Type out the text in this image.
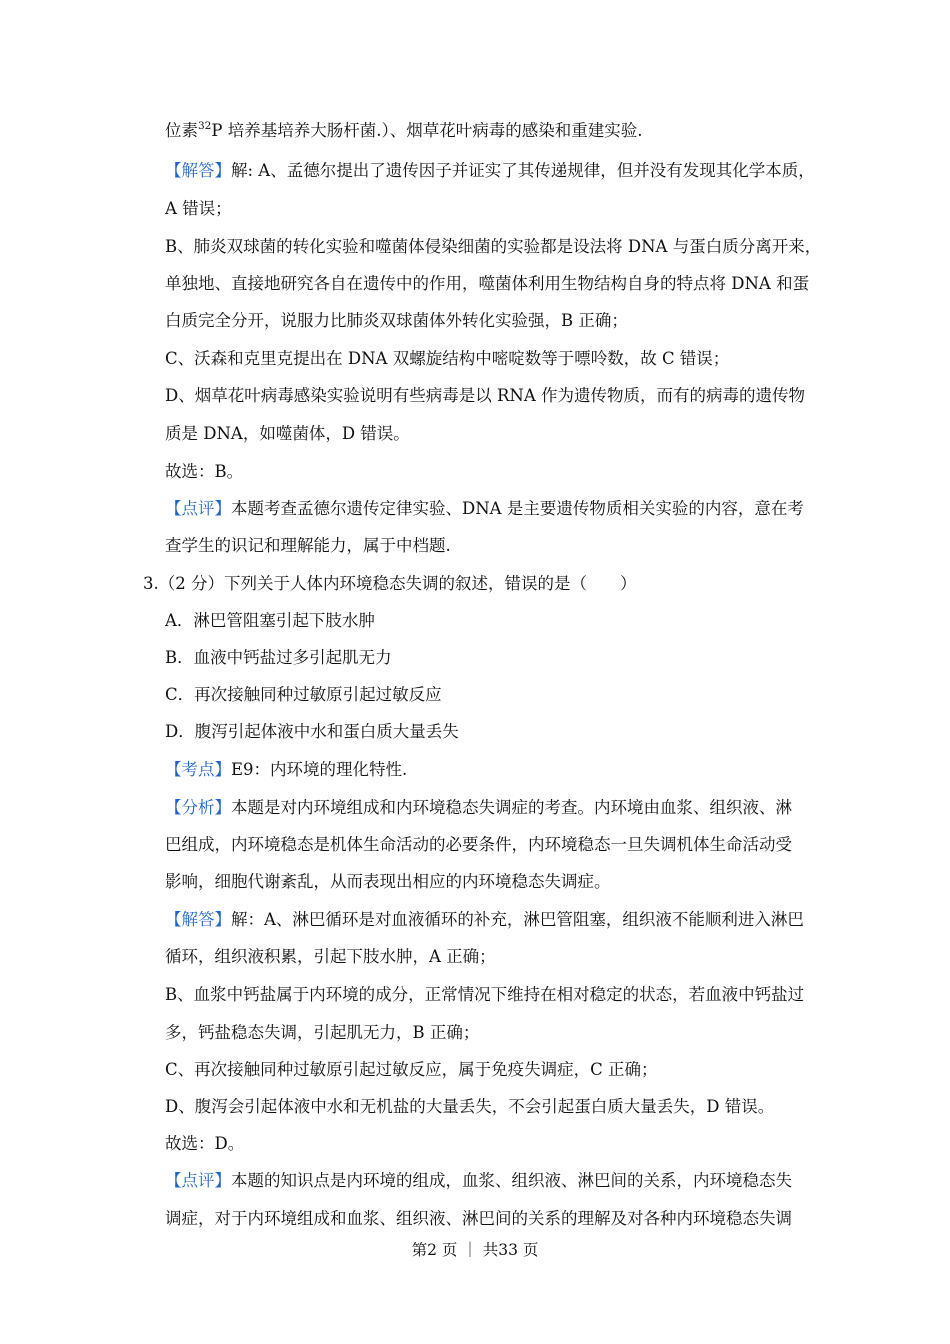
位素$^{32}$P 培养基培养大肠杆菌.）、烟草花叶病毒的感染和重建实验.
【解答】解: A、孟德尔提出了遗传因子并证实了其传递规律，但并没有发现其化学本质，
A 错误；
B、肺炎双球菌的转化实验和噬菌体侵染细菌的实验都是设法将 DNA 与蛋白质分离开来，
单独地、直接地研究各自在遗传中的作用，噬菌体利用生物结构自身的特点将 DNA 和蛋
白质完全分开，说服力比肺炎双球菌体外转化实验强，B 正确；
C、沃森和克里克提出在 DNA 双螺旋结构中嘧啶数等于嘌呤数，故 C 错误；
D、烟草花叶病毒感染实验说明有些病毒是以 RNA 作为遗传物质，而有的病毒的遗传物
质是 DNA，如噬菌体，D 错误。
故选：B。
【点评】本题考查孟德尔遗传定律实验、DNA 是主要遗传物质相关实验的内容，意在考
查学生的识记和理解能力，属于中档题.
3.（2 分）下列关于人体内环境稳态失调的叙述，错误的是（　　）
A．淋巴管阻塞引起下肢水肿
B．血液中钙盐过多引起肌无力
C．再次接触同种过敏原引起过敏反应
D．腹泻引起体液中水和蛋白质大量丢失
【考点】E9：内环境的理化特性.
【分析】本题是对内环境组成和内环境稳态失调症的考查。内环境由血浆、组织液、淋
巴组成，内环境稳态是机体生命活动的必要条件，内环境稳态一旦失调机体生命活动受
影响，细胞代谢紊乱，从而表现出相应的内环境稳态失调症。
【解答】解：A、淋巴循环是对血液循环的补充，淋巴管阻塞，组织液不能顺利进入淋巴
循环，组织液积累，引起下肢水肿，A 正确；
B、血浆中钙盐属于内环境的成分，正常情况下维持在相对稳定的状态，若血液中钙盐过
多，钙盐稳态失调，引起肌无力，B 正确；
C、再次接触同种过敏原引起过敏反应，属于免疫失调症，C 正确；
D、腹泻会引起体液中水和无机盐的大量丢失，不会引起蛋白质大量丢失，D 错误。
故选：D。
【点评】本题的知识点是内环境的组成，血浆、组织液、淋巴间的关系，内环境稳态失
调症，对于内环境组成和血浆、组织液、淋巴间的关系的理解及对各种内环境稳态失调
第2 页 ｜ 共33 页
